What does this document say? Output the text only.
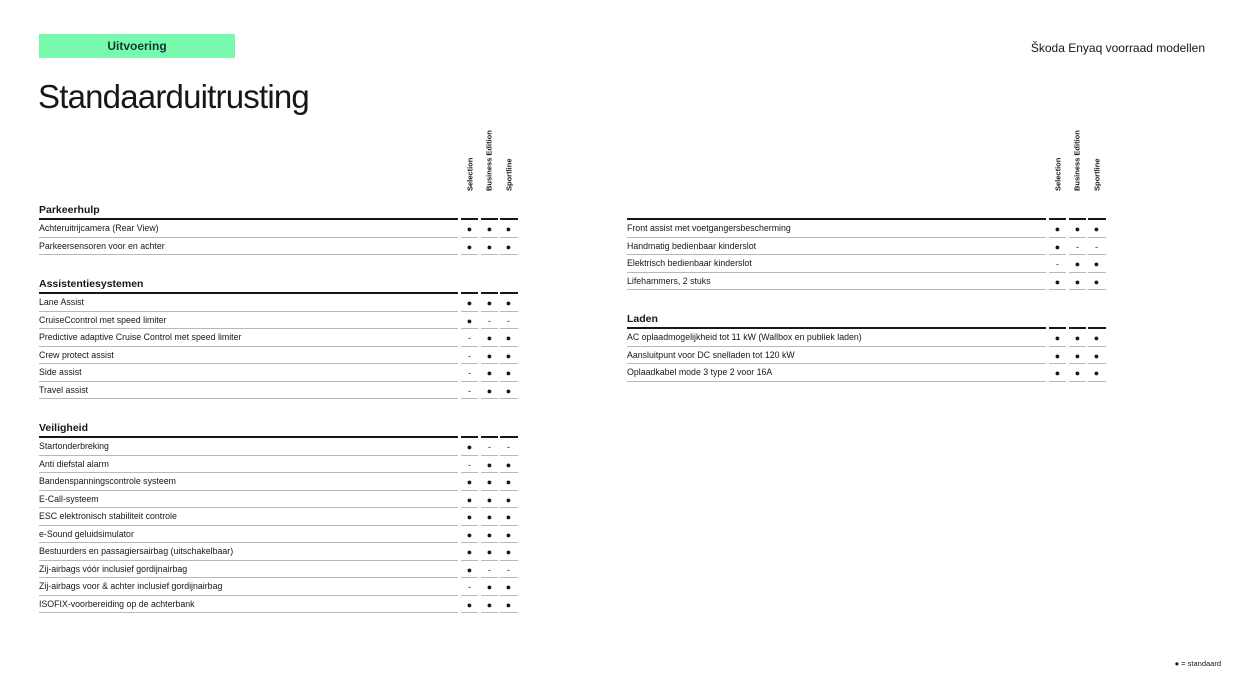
Uitvoering	Škoda Enyaq voorraad modellen
Standaarduitrusting
Selection	Business Edition	Sportline
Parkeerhulp
Achteruitrijcamera (Rear View)	●	●	●
Parkeersensoren voor en achter	●	●	●
Assistentiesystemen
Lane Assist	●	●	●
CruiseCcontrol met speed limiter	●	-	-
Predictive adaptive Cruise Control met speed limiter	-	●	●
Crew protect assist	-	●	●
Side assist	-	●	●
Travel assist	-	●	●
Veiligheid
Startonderbreking	●	-	-
Anti diefstal alarm	-	●	●
Bandenspanningscontrole systeem	●	●	●
E-Call-systeem	●	●	●
ESC elektronisch stabiliteit controle	●	●	●
e-Sound geluidsimulator	●	●	●
Bestuurders en passagiersairbag (uitschakelbaar)	●	●	●
Zij-airbags vóór inclusief gordijnairbag	●	-	-
Zij-airbags voor & achter inclusief gordijnairbag	-	●	●
ISOFIX-voorbereiding op de achterbank	●	●	●
Selection	Business Edition	Sportline
Front assist met voetgangersbescherming	●	●	●
Handmatig bedienbaar kinderslot	●	-	-
Elektrisch bedienbaar kinderslot	-	●	●
Lifehammers, 2 stuks	●	●	●
Laden
AC oplaadmogelijkheid tot 11 kW (Wallbox en publiek laden)	●	●	●
Aansluitpunt voor DC snelladen tot 120 kW	●	●	●
Oplaadkabel mode 3 type 2 voor 16A	●	●	●
● = standaard
